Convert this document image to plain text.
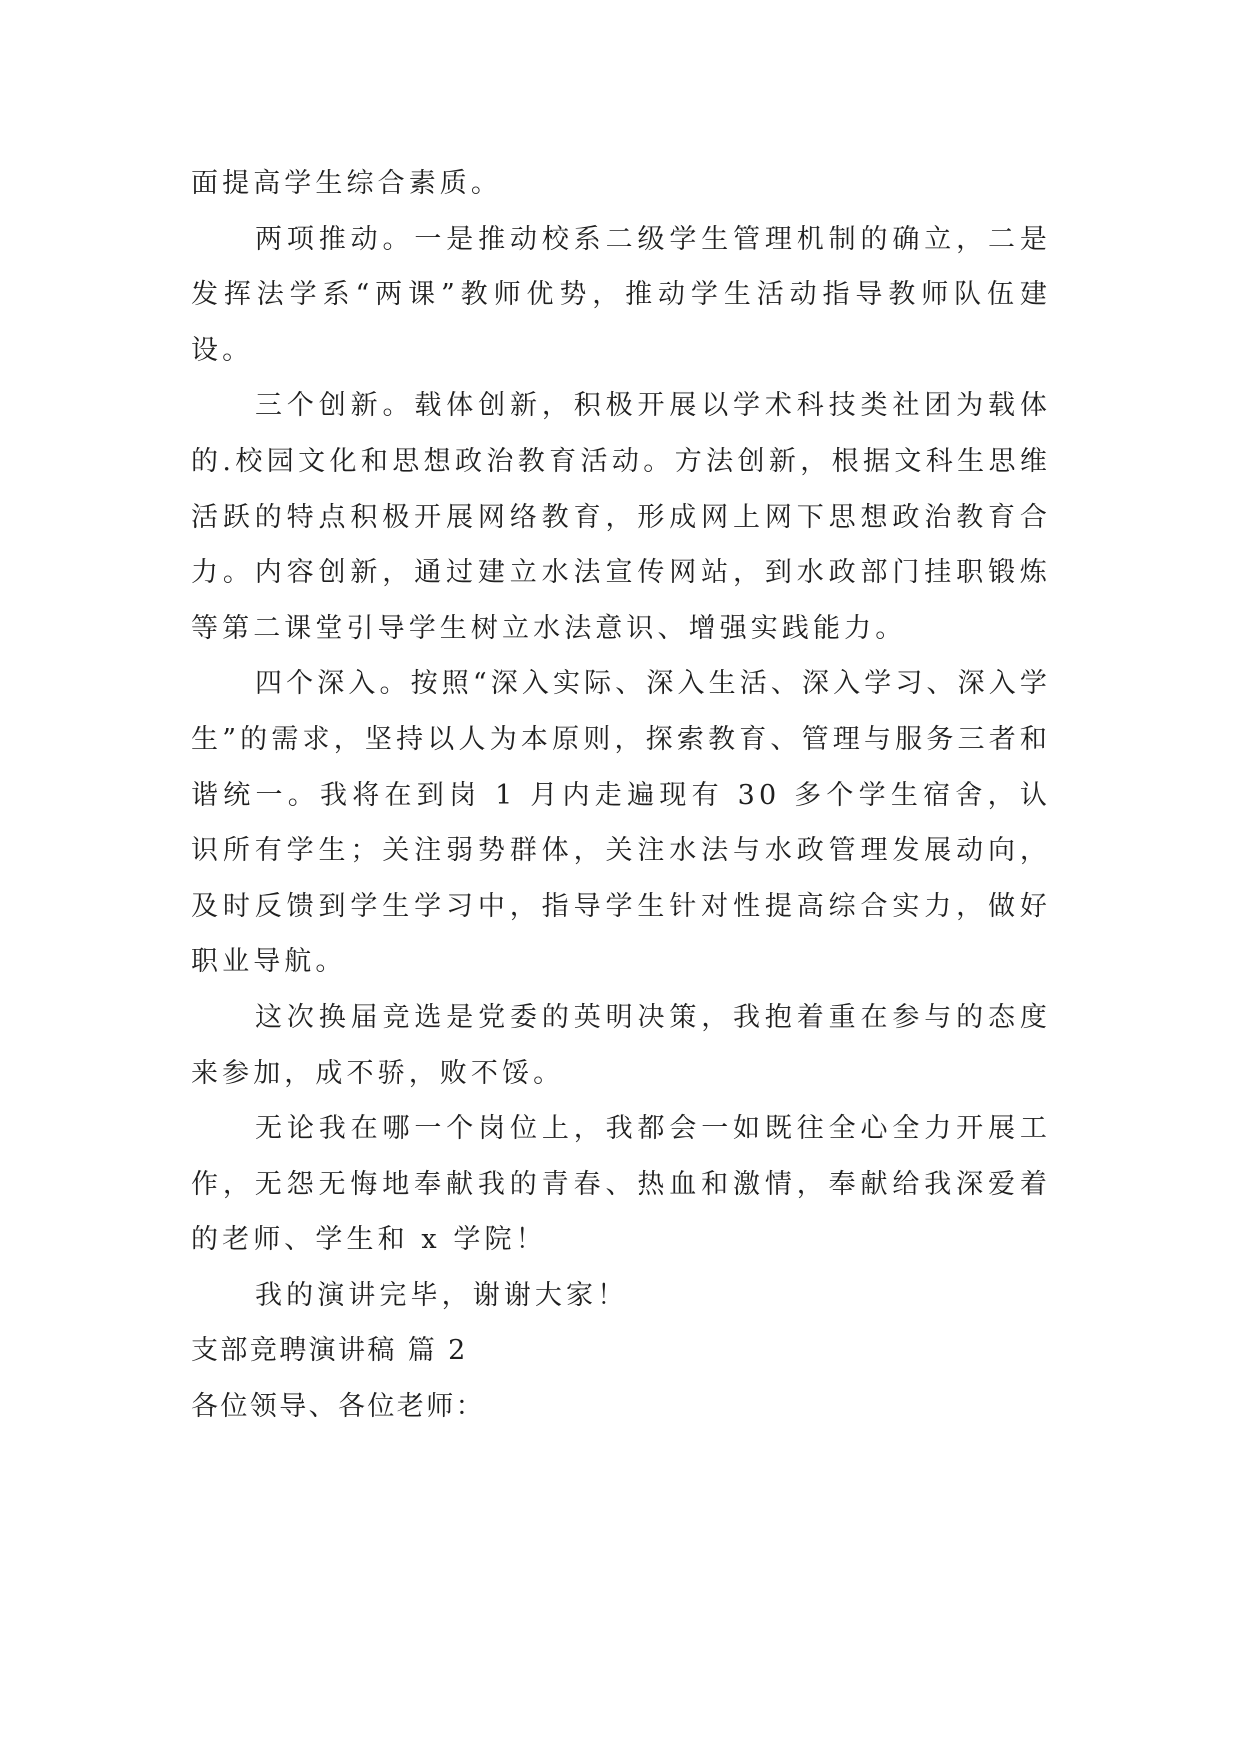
面提高学生综合素质。

两项推动。一是推动校系二级学生管理机制的确立，二是发挥法学系“两课”教师优势，推动学生活动指导教师队伍建设。

三个创新。载体创新，积极开展以学术科技类社团为载体的.校园文化和思想政治教育活动。方法创新，根据文科生思维活跃的特点积极开展网络教育，形成网上网下思想政治教育合力。内容创新，通过建立水法宣传网站，到水政部门挂职锻炼等第二课堂引导学生树立水法意识、增强实践能力。

四个深入。按照“深入实际、深入生活、深入学习、深入学生”的需求，坚持以人为本原则，探索教育、管理与服务三者和谐统一。我将在到岗 1 月内走遍现有 30 多个学生宿舍，认识所有学生；关注弱势群体，关注水法与水政管理发展动向，及时反馈到学生学习中，指导学生针对性提高综合实力，做好职业导航。

这次换届竞选是党委的英明决策，我抱着重在参与的态度来参加，成不骄，败不馁。

无论我在哪一个岗位上，我都会一如既往全心全力开展工作，无怨无悔地奉献我的青春、热血和激情，奉献给我深爱着的老师、学生和 x 学院！

我的演讲完毕，谢谢大家！

支部竞聘演讲稿 篇 2

各位领导、各位老师：
